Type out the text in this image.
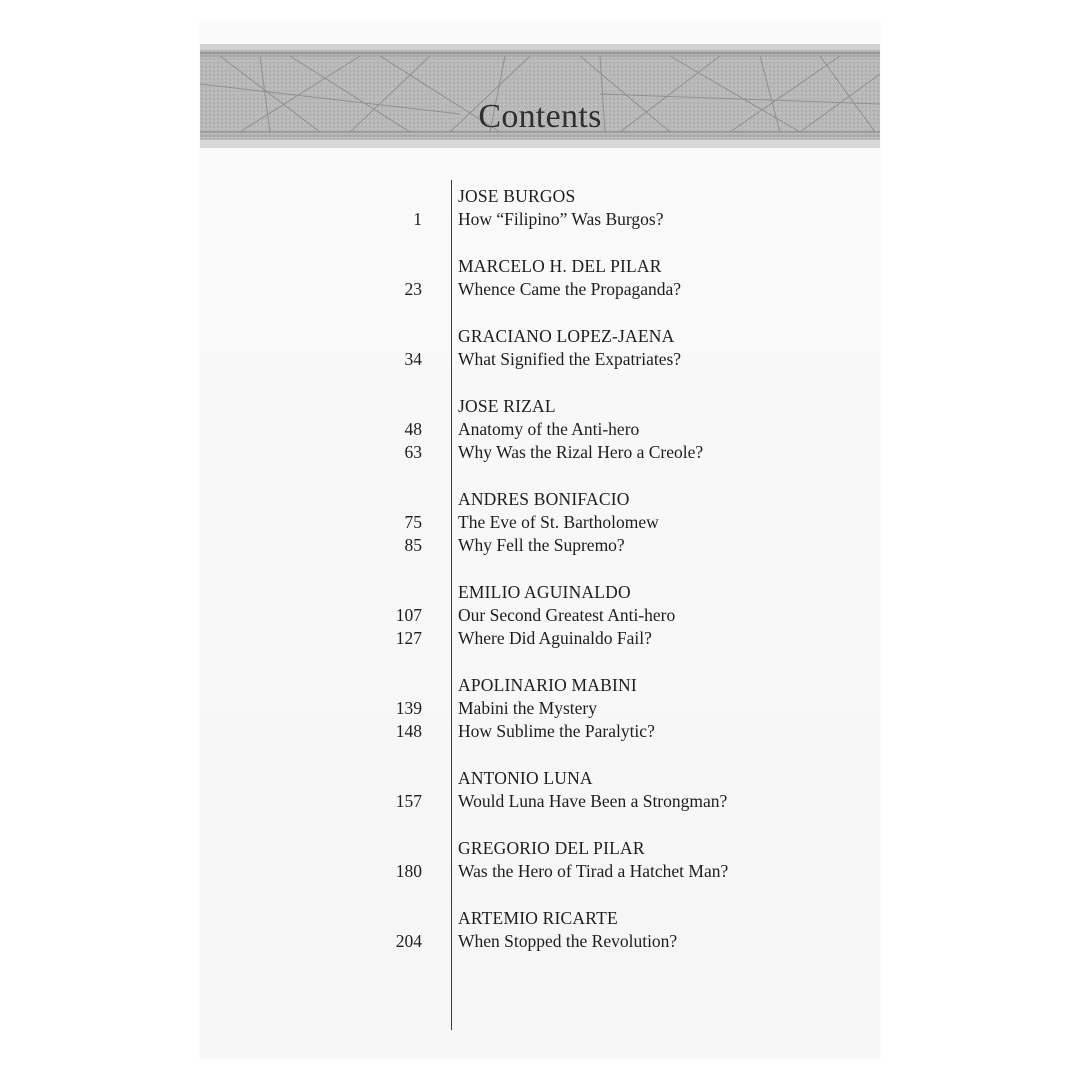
Contents
JOSE BURGOS
1	How “Filipino” Was Burgos?
MARCELO H. DEL PILAR
23	Whence Came the Propaganda?
GRACIANO LOPEZ-JAENA
34	What Signified the Expatriates?
JOSE RIZAL
48	Anatomy of the Anti-hero
63	Why Was the Rizal Hero a Creole?
ANDRES BONIFACIO
75	The Eve of St. Bartholomew
85	Why Fell the Supremo?
EMILIO AGUINALDO
107	Our Second Greatest Anti-hero
127	Where Did Aguinaldo Fail?
APOLINARIO MABINI
139	Mabini the Mystery
148	How Sublime the Paralytic?
ANTONIO LUNA
157	Would Luna Have Been a Strongman?
GREGORIO DEL PILAR
180	Was the Hero of Tirad a Hatchet Man?
ARTEMIO RICARTE
204	When Stopped the Revolution?
